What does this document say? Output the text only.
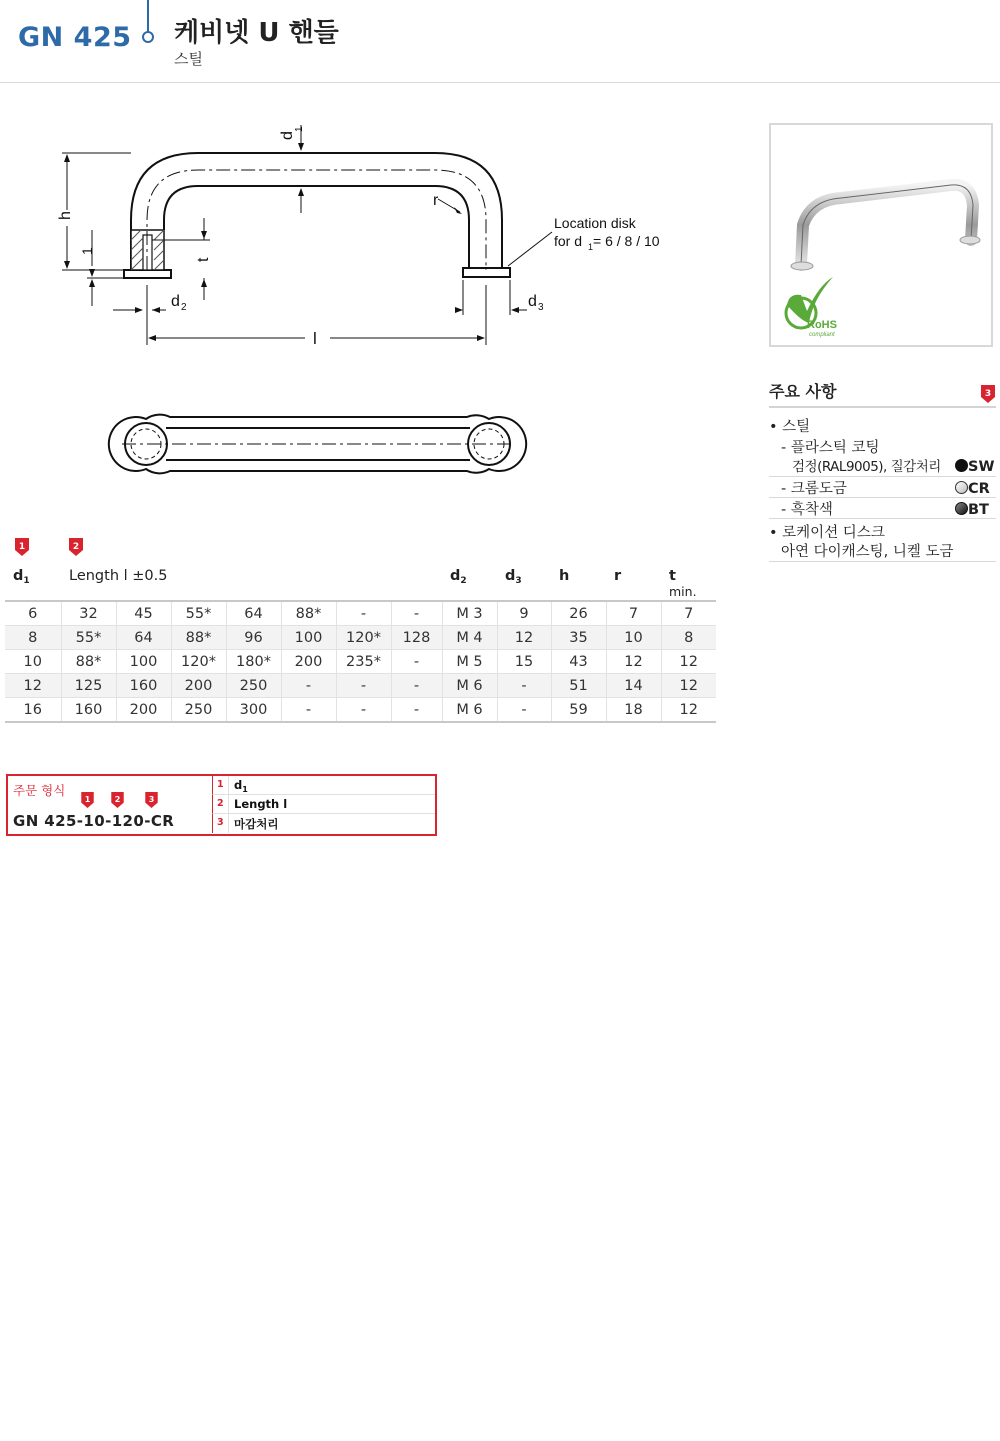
GN 425 케비넷 U 핸들
스틸
d
1
h
1
t
r
d 2	d 3
l
Location disk
for d 1 = 6 / 8 / 10
RoHS
compliant
주요 사항	3
• 스틸
- 플라스틱 코팅
검정(RAL9005), 질감처리	SW
- 크롬도금	CR
- 흑착색	BT
• 로케이션 디스크
아연 다이캐스팅, 니켈 도금
1	2
$d_1$	Length l ±0.5							$d_2$	$d_3$	h	r	t
min.
6	32	45	55*	64	88*	-	-	M 3	9	26	7	7
8	55*	64	88*	96	100	120*	128	M 4	12	35	10	8
10	88*	100	120*	180*	200	235*	-	M 5	15	43	12	12
12	125	160	200	250	-	-	-	M 6	-	51	14	12
16	160	200	250	300	-	-	-	M 6	-	59	18	12
주문 형식
1	2	3
GN 425-10-120-CR
1 $d_1$
2 Length l
3 마감처리
